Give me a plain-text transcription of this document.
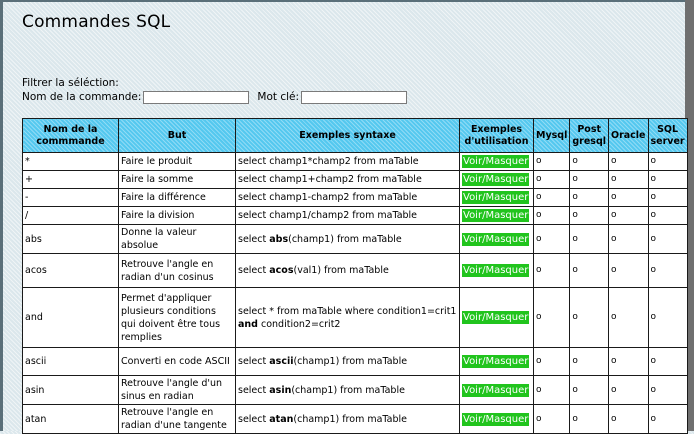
Commandes SQL
Filtrer la séléction:
Nom de la commande:	Mot clé:
Nom de la commmande	But	Exemples syntaxe	Exemples d'utilisation	Mysql	Post gresql	Oracle	SQL server
*	Faire le produit	select champ1*champ2 from maTable	Voir/Masquer	o	o	o	o
+	Faire la somme	select champ1+champ2 from maTable	Voir/Masquer	o	o	o	o
-	Faire la différence	select champ1-champ2 from maTable	Voir/Masquer	o	o	o	o
/	Faire la division	select champ1/champ2 from maTable	Voir/Masquer	o	o	o	o
abs	Donne la valeur absolue	select abs(champ1) from maTable	Voir/Masquer	o	o	o	o
acos	Retrouve l'angle en radian d'un cosinus	select acos(val1) from maTable	Voir/Masquer	o	o	o	o
and	Permet d'appliquer plusieurs conditions qui doivent être tous remplies	select * from maTable where condition1=crit1 and condition2=crit2	Voir/Masquer	o	o	o	o
ascii	Converti en code ASCII	select ascii(champ1) from maTable	Voir/Masquer	o	o	o	o
asin	Retrouve l'angle d'un sinus en radian	select asin(champ1) from maTable	Voir/Masquer	o	o	o	o
atan	Retrouve l'angle en radian d'une tangente	select atan(champ1) from maTable	Voir/Masquer	o	o	o	o
